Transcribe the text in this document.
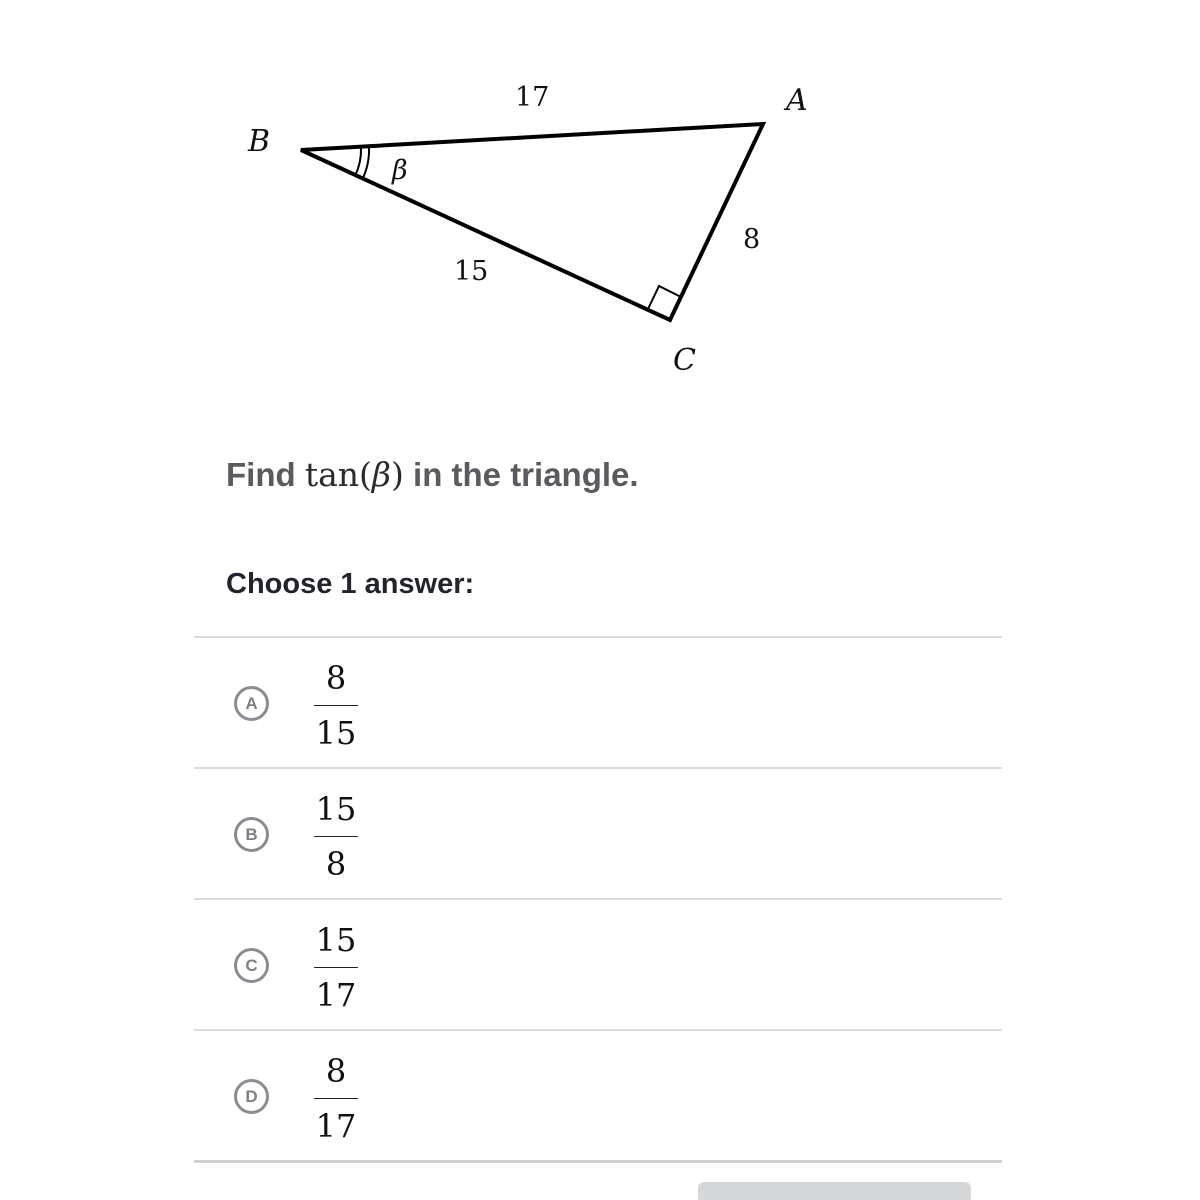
B
A
C
17
15
8
β
Find tan(β) in the triangle.
Choose 1 answer:
A
8
15
B
15
8
C
15
17
D
8
17
